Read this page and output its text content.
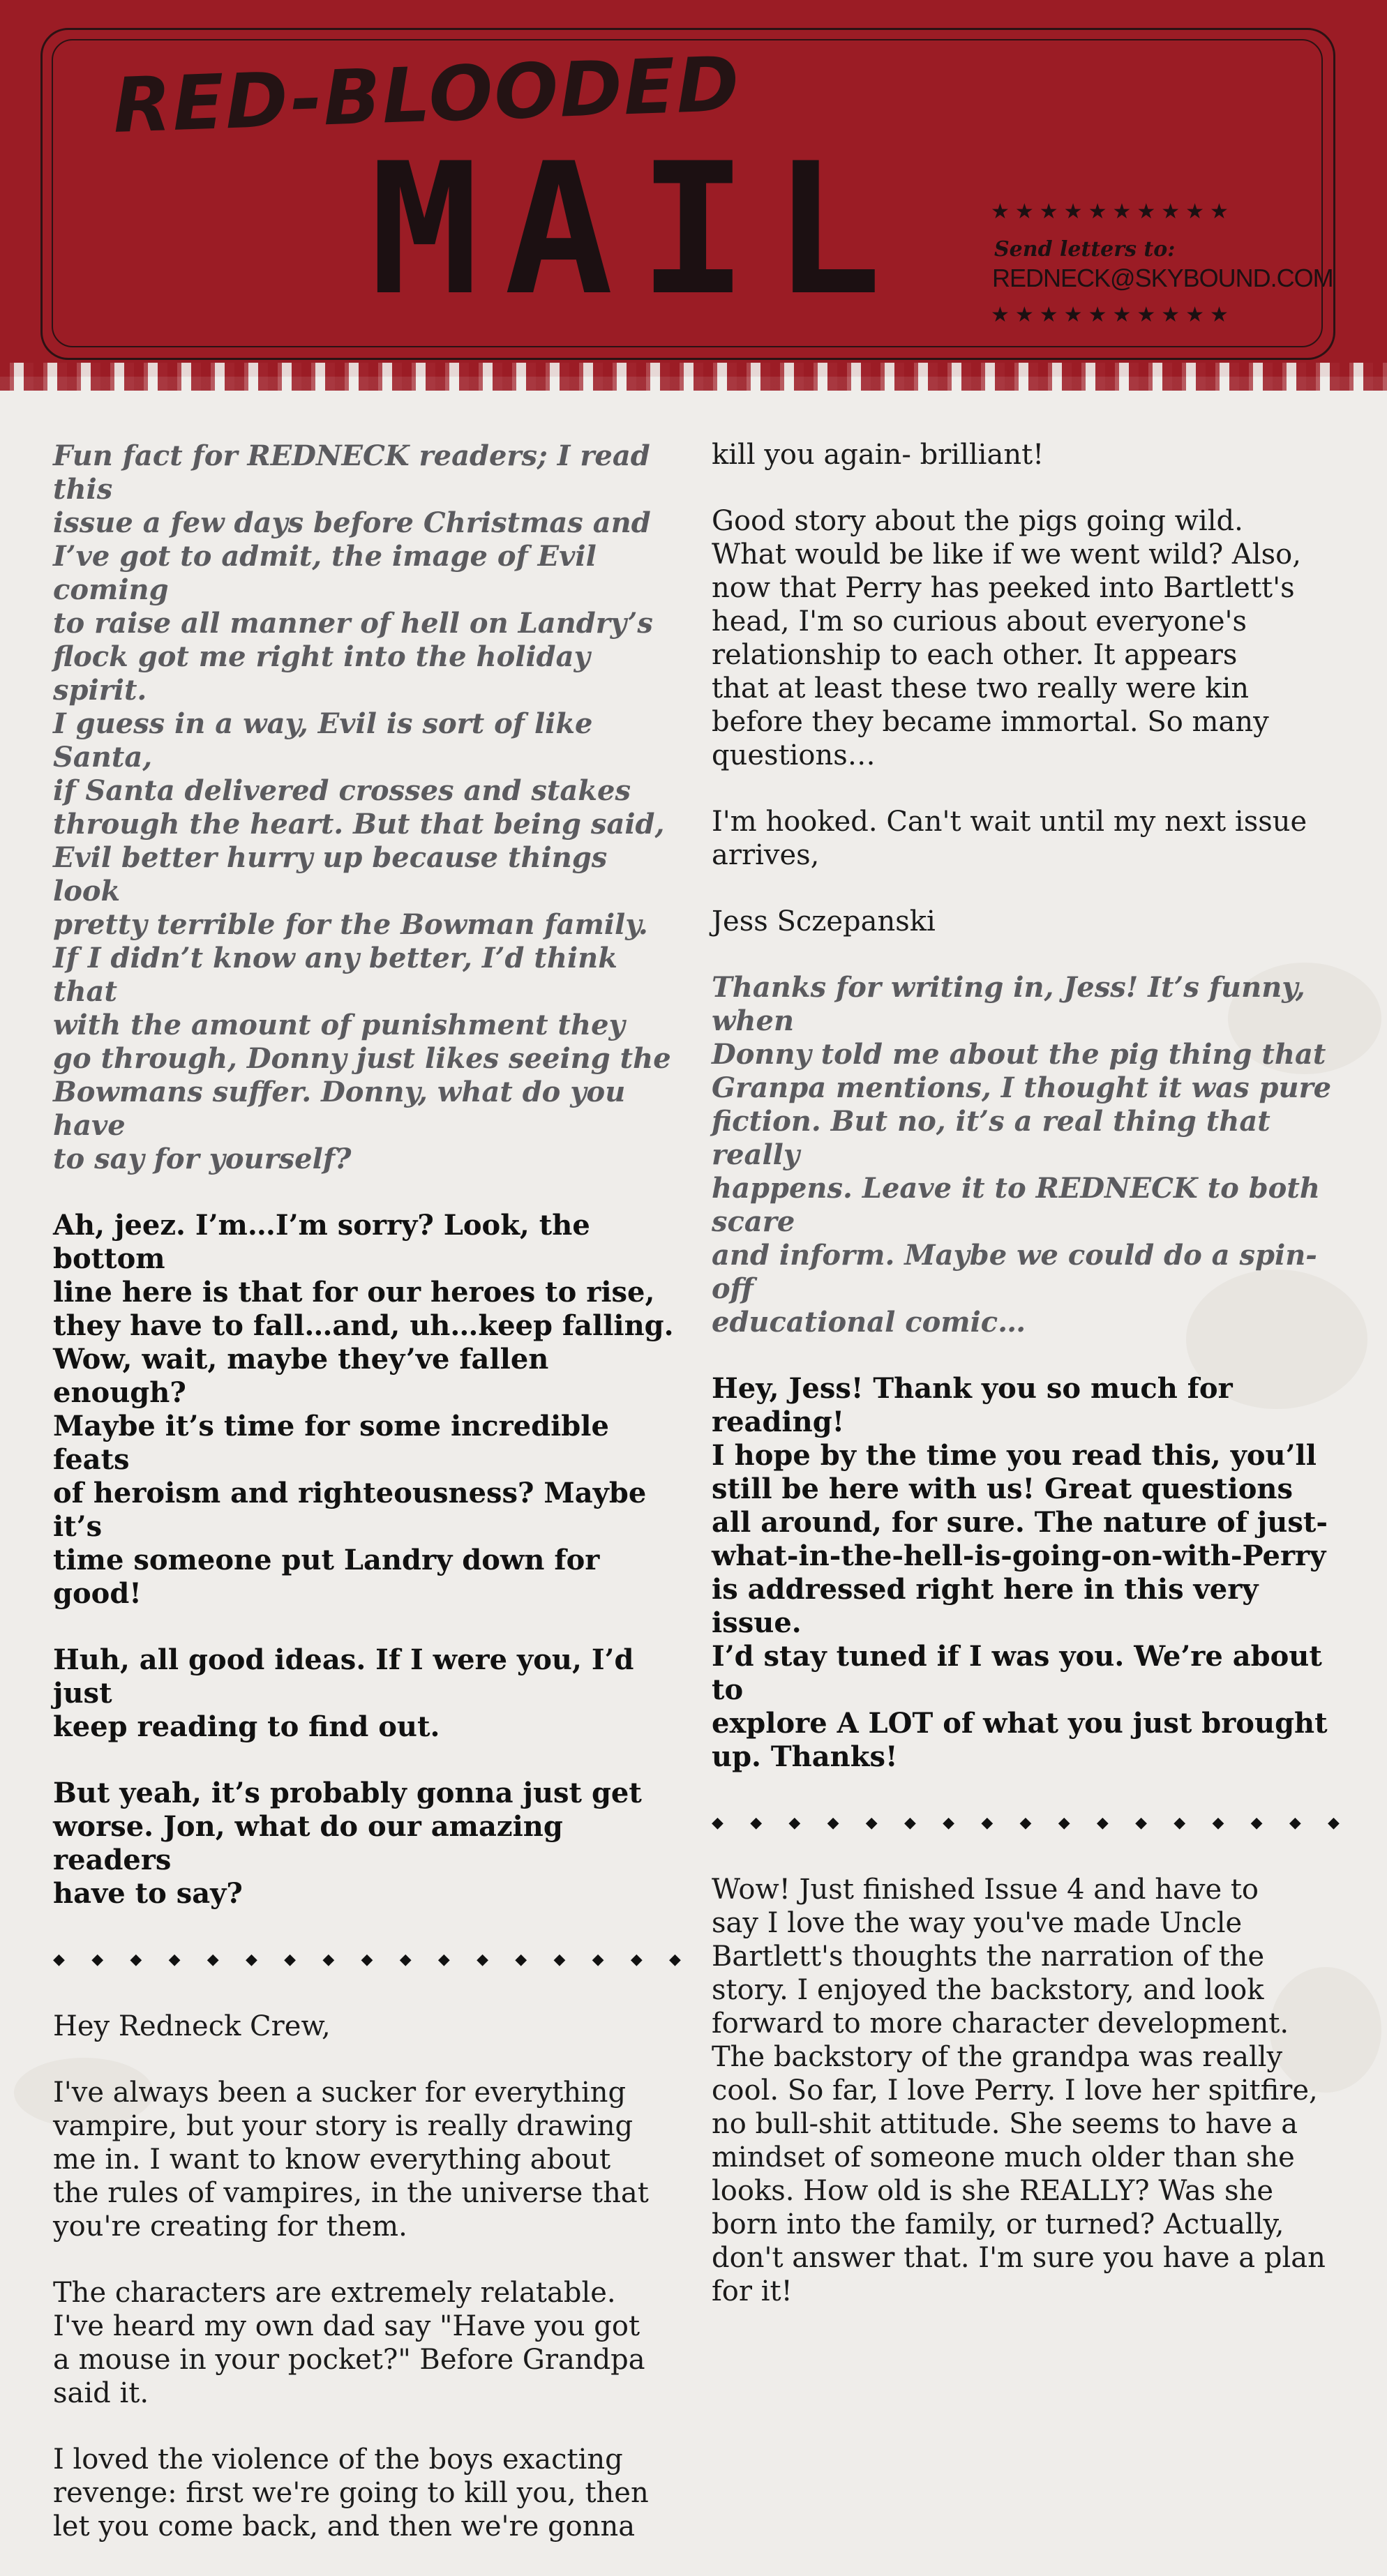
RED-BLOODED
MAIL	★★★★★★★★★★
Send letters to:
REDNECK@SKYBOUND.COM
★★★★★★★★★★

Fun fact for REDNECK readers; I read this
issue a few days before Christmas and
I’ve got to admit, the image of Evil coming
to raise all manner of hell on Landry’s
flock got me right into the holiday spirit.
I guess in a way, Evil is sort of like Santa,
if Santa delivered crosses and stakes
through the heart. But that being said,
Evil better hurry up because things look
pretty terrible for the Bowman family.
If I didn’t know any better, I’d think that
with the amount of punishment they
go through, Donny just likes seeing the
Bowmans suffer. Donny, what do you have
to say for yourself?

Ah, jeez. I’m…I’m sorry? Look, the bottom
line here is that for our heroes to rise,
they have to fall…and, uh…keep falling.
Wow, wait, maybe they’ve fallen enough?
Maybe it’s time for some incredible feats
of heroism and righteousness? Maybe it’s
time someone put Landry down for good!

Huh, all good ideas. If I were you, I’d just
keep reading to find out.

But yeah, it’s probably gonna just get
worse. Jon, what do our amazing readers
have to say?

◆ ◆ ◆ ◆ ◆ ◆ ◆ ◆ ◆ ◆ ◆ ◆ ◆ ◆ ◆ ◆ ◆

Hey Redneck Crew,

I've always been a sucker for everything
vampire, but your story is really drawing
me in. I want to know everything about
the rules of vampires, in the universe that
you're creating for them.

The characters are extremely relatable.
I've heard my own dad say "Have you got
a mouse in your pocket?" Before Grandpa
said it.

I loved the violence of the boys exacting
revenge: first we're going to kill you, then
let you come back, and then we're gonna

kill you again- brilliant!

Good story about the pigs going wild.
What would be like if we went wild? Also,
now that Perry has peeked into Bartlett's
head, I'm so curious about everyone's
relationship to each other. It appears
that at least these two really were kin
before they became immortal. So many
questions…

I'm hooked. Can't wait until my next issue
arrives,

Jess Sczepanski

Thanks for writing in, Jess! It’s funny, when
Donny told me about the pig thing that
Granpa mentions, I thought it was pure
fiction. But no, it’s a real thing that really
happens. Leave it to REDNECK to both scare
and inform. Maybe we could do a spin-off
educational comic…

Hey, Jess! Thank you so much for reading!
I hope by the time you read this, you’ll
still be here with us! Great questions
all around, for sure. The nature of just-
what-in-the-hell-is-going-on-with-Perry
is addressed right here in this very issue.
I’d stay tuned if I was you. We’re about to
explore A LOT of what you just brought
up. Thanks!

◆ ◆ ◆ ◆ ◆ ◆ ◆ ◆ ◆ ◆ ◆ ◆ ◆ ◆ ◆ ◆ ◆

Wow! Just finished Issue 4 and have to
say I love the way you've made Uncle
Bartlett's thoughts the narration of the
story. I enjoyed the backstory, and look
forward to more character development.
The backstory of the grandpa was really
cool. So far, I love Perry. I love her spitfire,
no bull-shit attitude. She seems to have a
mindset of someone much older than she
looks. How old is she REALLY? Was she
born into the family, or turned? Actually,
don't answer that. I'm sure you have a plan
for it!
